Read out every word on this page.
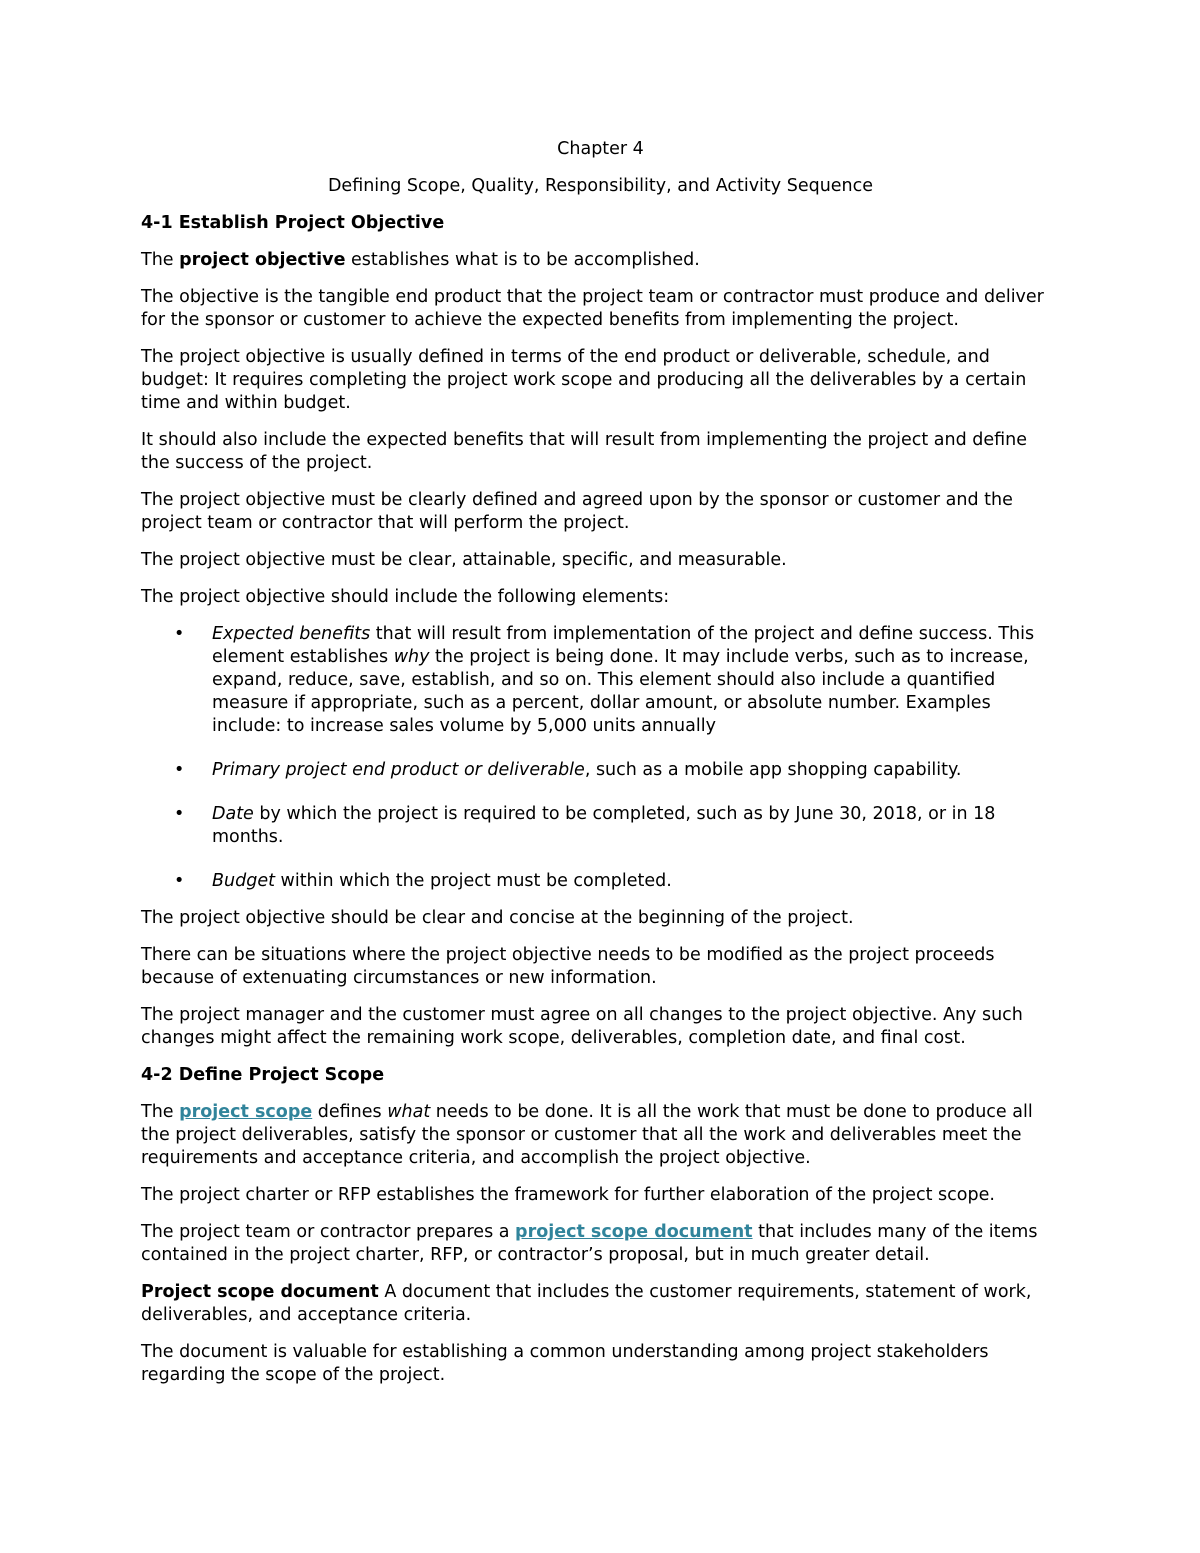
Chapter 4

Defining Scope, Quality, Responsibility, and Activity Sequence

4-1 Establish Project Objective

The project objective establishes what is to be accomplished.

The objective is the tangible end product that the project team or contractor must produce and deliver for the sponsor or customer to achieve the expected benefits from implementing the project.

The project objective is usually defined in terms of the end product or deliverable, schedule, and budget: It requires completing the project work scope and producing all the deliverables by a certain time and within budget.

It should also include the expected benefits that will result from implementing the project and define the success of the project.

The project objective must be clearly defined and agreed upon by the sponsor or customer and the project team or contractor that will perform the project.

The project objective must be clear, attainable, specific, and measurable.

The project objective should include the following elements:

• Expected benefits that will result from implementation of the project and define success. This element establishes why the project is being done. It may include verbs, such as to increase, expand, reduce, save, establish, and so on. This element should also include a quantified measure if appropriate, such as a percent, dollar amount, or absolute number. Examples include: to increase sales volume by 5,000 units annually
• Primary project end product or deliverable, such as a mobile app shopping capability.
• Date by which the project is required to be completed, such as by June 30, 2018, or in 18 months.
• Budget within which the project must be completed.

The project objective should be clear and concise at the beginning of the project.

There can be situations where the project objective needs to be modified as the project proceeds because of extenuating circumstances or new information.

The project manager and the customer must agree on all changes to the project objective. Any such changes might affect the remaining work scope, deliverables, completion date, and final cost.

4-2 Define Project Scope

The project scope defines what needs to be done. It is all the work that must be done to produce all the project deliverables, satisfy the sponsor or customer that all the work and deliverables meet the requirements and acceptance criteria, and accomplish the project objective.

The project charter or RFP establishes the framework for further elaboration of the project scope.

The project team or contractor prepares a project scope document that includes many of the items contained in the project charter, RFP, or contractor’s proposal, but in much greater detail.

Project scope document A document that includes the customer requirements, statement of work, deliverables, and acceptance criteria.

The document is valuable for establishing a common understanding among project stakeholders regarding the scope of the project.
